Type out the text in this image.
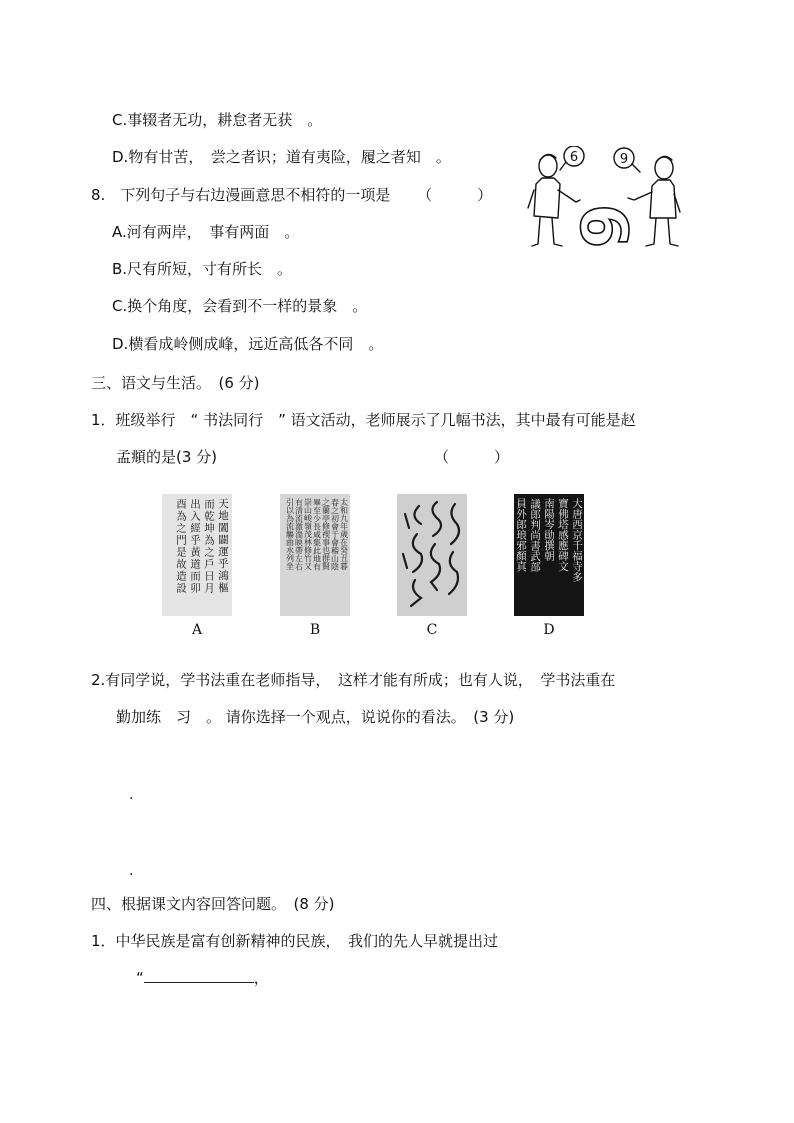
C.事辍者无功，耕怠者无获　。
D.物有甘苦，　尝之者识；道有夷险，履之者知　。
8.　下列句子与右边漫画意思不相符的一项是 （　　　）
A.河有两岸，　事有两面　。
B.尺有所短，寸有所长　。
C.换个角度，会看到不一样的景象　。
D.横看成岭侧成峰，远近高低各不同　。
6	9
9
三、语文与生活。　(6 分)
1．班级举行　“ 书法同行　” 语文活动，老师展示了几幅书法，其中最有可能是赵
孟頫的是(3 分)	（　　　）
天地闔闢運乎鴻樞 而乾坤為之戶日月 出入經乎黃道而卯 酉為之門是故造設	太和九年歲在癸丑暮 春之初會于會稽山陰 之蘭亭修禊事也群賢 畢至少長咸集此地有 崇山峻嶺茂林修竹又 有清流激湍映帶左右 引以為流觴曲水列坐	大唐西京千福寺多 寶佛塔感應碑文 南陽岑勛撰朝 議郎判尚書武部 員外郎琅邪顏真
A	B	C	D
2.有同学说，学书法重在老师指导，　这样才能有所成；也有人说，　学书法重在
勤加练　习　。 请你选择一个观点，说说你的看法。　(3 分)
.
.
四、根据课文内容回答问题。　(8 分)
1．中华民族是富有创新精神的民族，　我们的先人早就提出过
“	，
